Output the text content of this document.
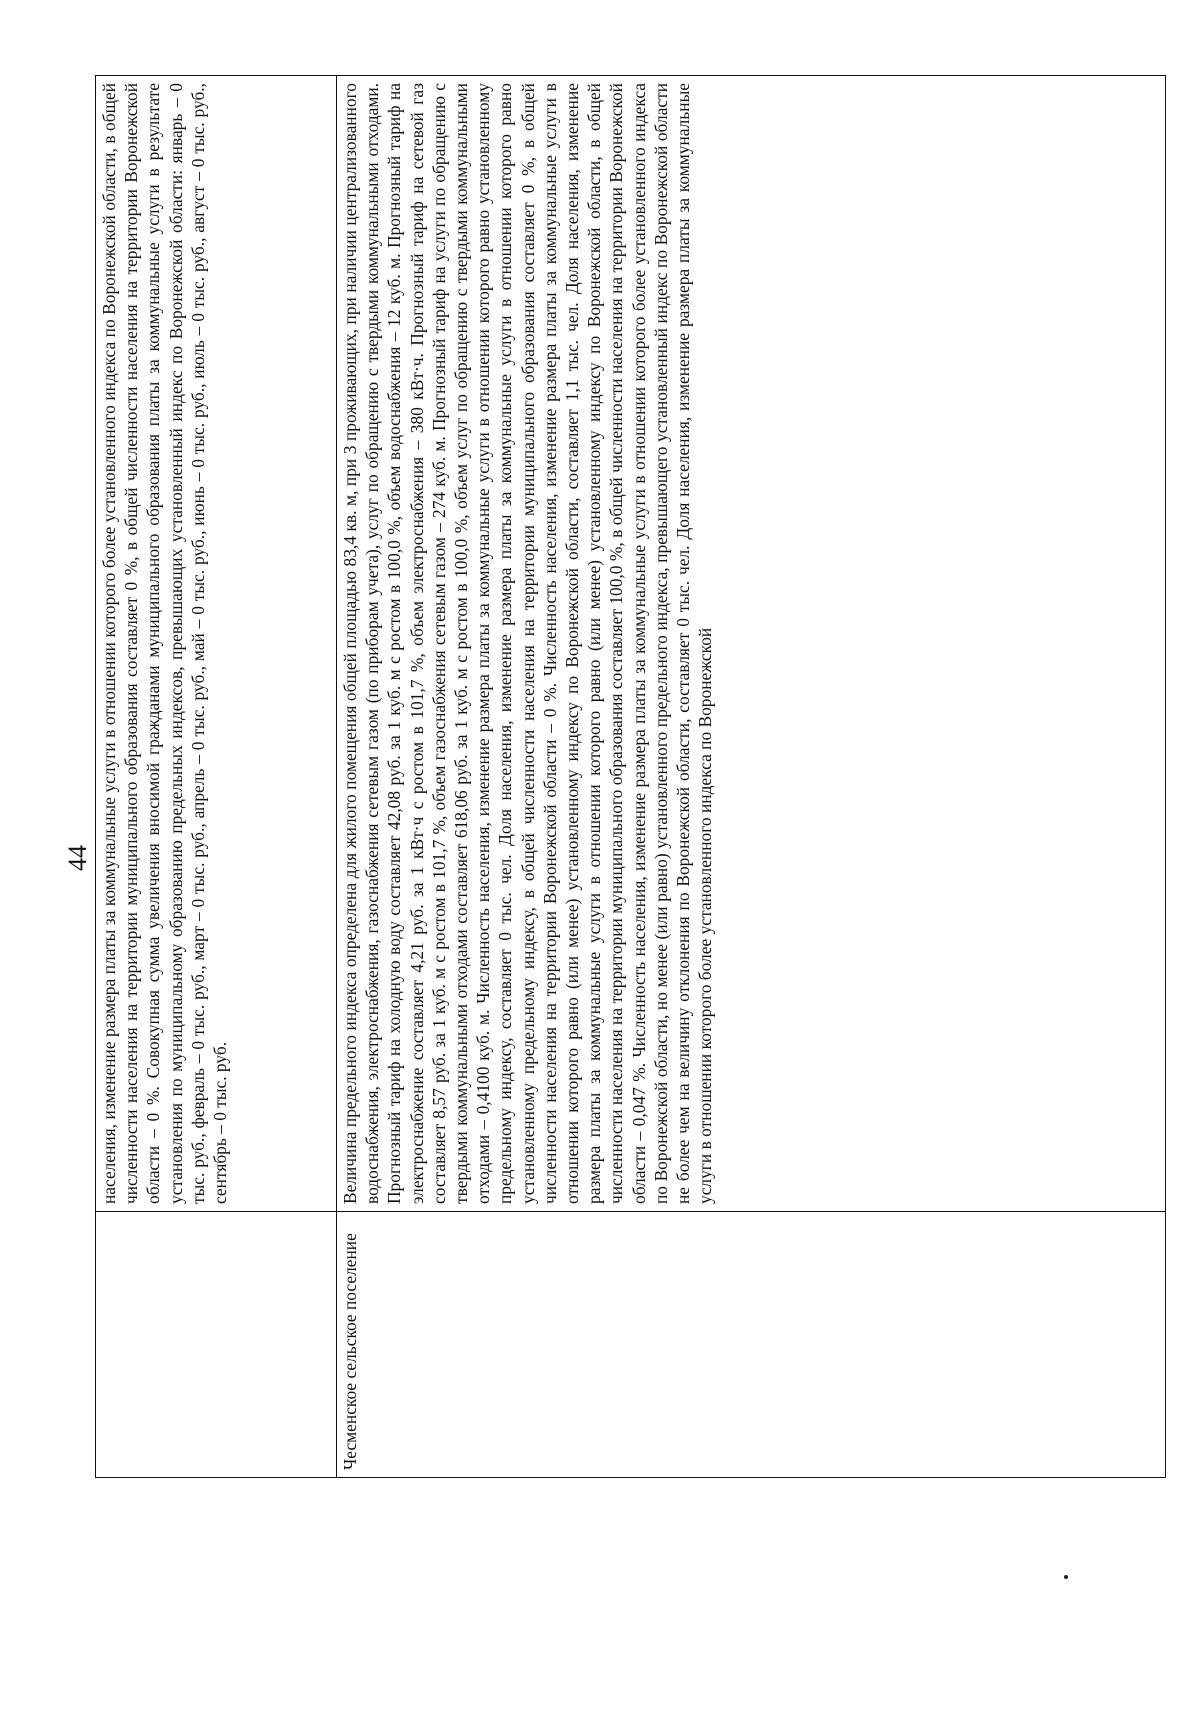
44

	населения, изменение размера платы за коммунальные услуги в отношении которого более установленного индекса по Воронежской области, в общей численности населения на территории муниципального образования составляет 0 %, в общей численности населения на территории Воронежской области – 0 %. Совокупная сумма увеличения вносимой гражданами муниципального образования платы за коммунальные услуги в результате установления по муниципальному образованию предельных индексов, превышающих установленный индекс по Воронежской области: январь – 0 тыс. руб., февраль – 0 тыс. руб., март – 0 тыс. руб., апрель – 0 тыс. руб., май – 0 тыс. руб., июнь – 0 тыс. руб., июль – 0 тыс. руб., август – 0 тыс. руб., сентябрь – 0 тыс. руб.

Чесменское сельское поселение	Величина предельного индекса определена для жилого помещения общей площадью 83,4 кв. м, при 3 проживающих, при наличии централизованного водоснабжения, электроснабжения, газоснабжения сетевым газом (по приборам учета), услуг по обращению с твердыми коммунальными отходами. Прогнозный тариф на холодную воду составляет 42,08 руб. за 1 куб. м с ростом в 100,0 %, объем водоснабжения – 12 куб. м. Прогнозный тариф на электроснабжение составляет 4,21 руб. за 1 кВт·ч с ростом в 101,7 %, объем электроснабжения – 380 кВт·ч. Прогнозный тариф на сетевой газ составляет 8,57 руб. за 1 куб. м с ростом в 101,7 %, объем газоснабжения сетевым газом – 274 куб. м. Прогнозный тариф на услуги по обращению с твердыми коммунальными отходами составляет 618,06 руб. за 1 куб. м с ростом в 100,0 %, объем услуг по обращению с твердыми коммунальными отходами – 0,4100 куб. м. Численность населения, изменение размера платы за коммунальные услуги в отношении которого равно установленному предельному индексу, составляет 0 тыс. чел. Доля населения, изменение размера платы за коммунальные услуги в отношении которого равно установленному предельному индексу, в общей численности населения на территории муниципального образования составляет 0 %, в общей численности населения на территории Воронежской области – 0 %. Численность населения, изменение размера платы за коммунальные услуги в отношении которого равно (или менее) установленному индексу по Воронежской области, составляет 1,1 тыс. чел. Доля населения, изменение размера платы за коммунальные услуги в отношении которого равно (или менее) установленному индексу по Воронежской области, в общей численности населения на территории муниципального образования составляет 100,0 %, в общей численности населения на территории Воронежской области – 0,047 %. Численность населения, изменение размера платы за коммунальные услуги в отношении которого более установленного индекса по Воронежской области, но менее (или равно) установленного предельного индекса, превышающего установленный индекс по Воронежской области не более чем на величину отклонения по Воронежской области, составляет 0 тыс. чел. Доля населения, изменение размера платы за коммунальные услуги в отношении которого более установленного индекса по Воронежской
